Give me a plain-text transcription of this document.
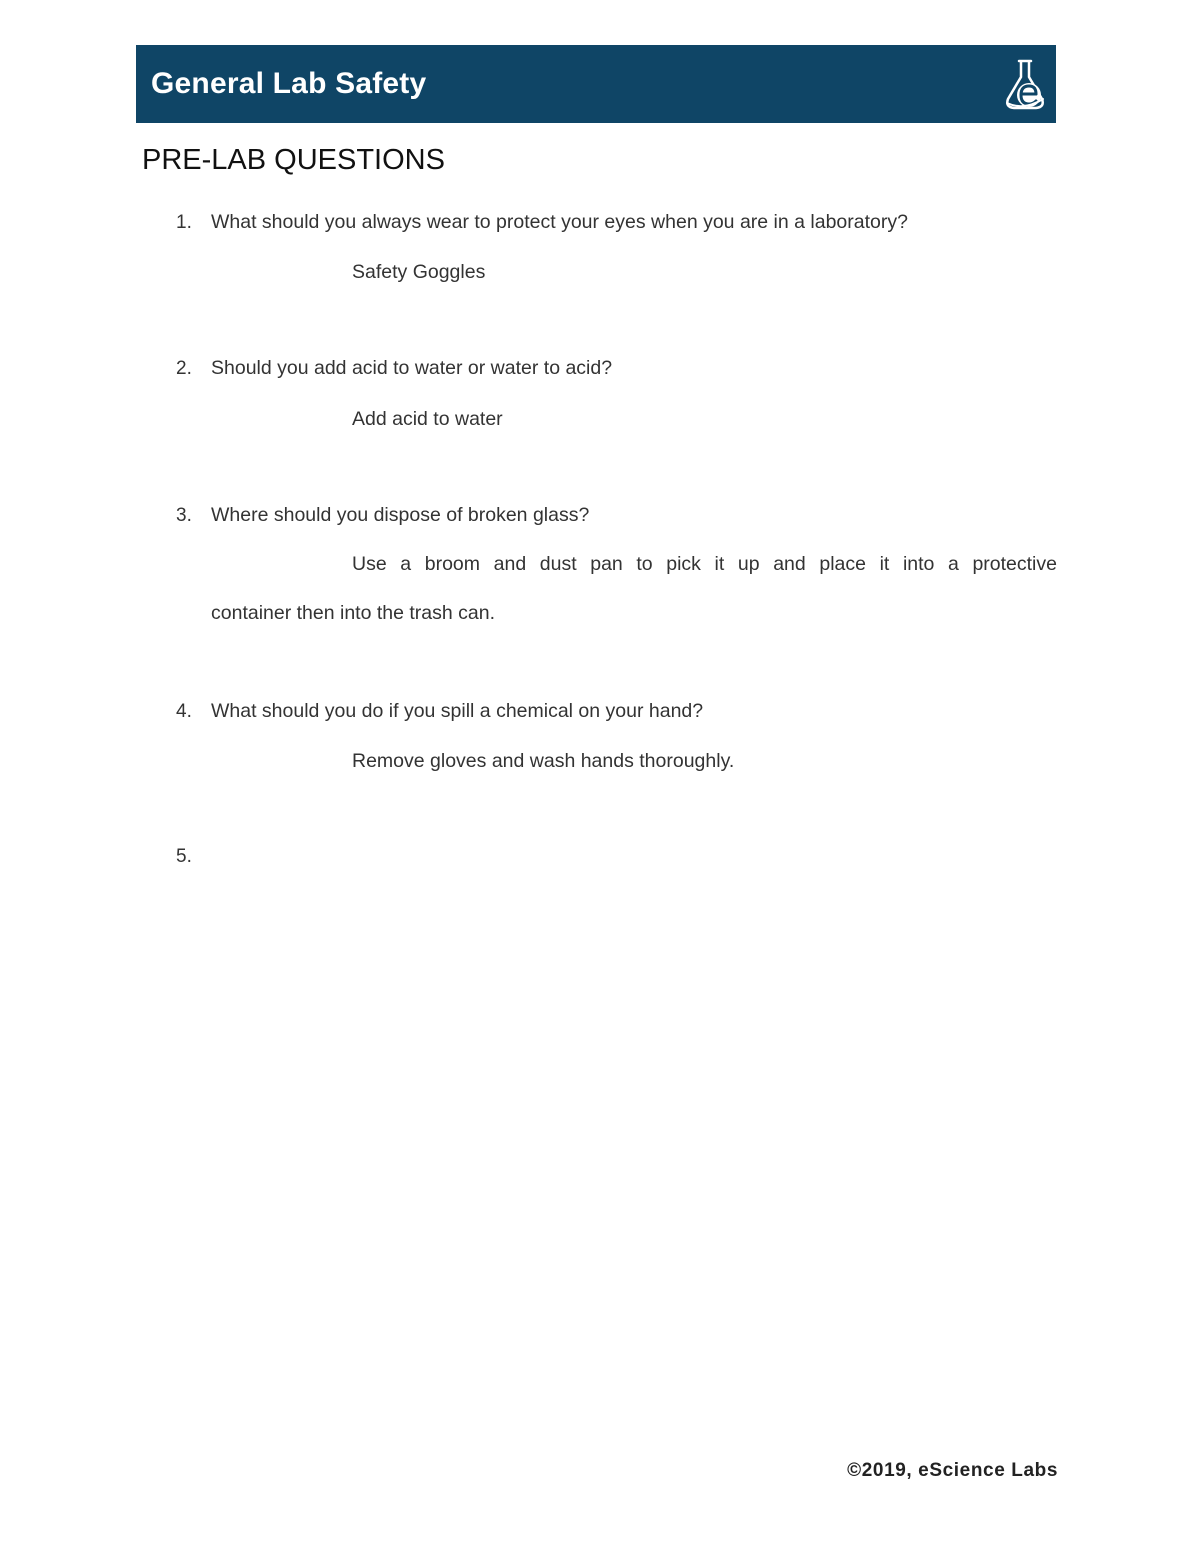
General Lab Safety
PRE-LAB QUESTIONS
1. What should you always wear to protect your eyes when you are in a laboratory?
Safety Goggles
2. Should you add acid to water or water to acid?
Add acid to water
3. Where should you dispose of broken glass?
Use a broom and dust pan to pick it up and place it into a protective
container then into the trash can.
4. What should you do if you spill a chemical on your hand?
Remove gloves and wash hands thoroughly.
5.
©2019, eScience Labs
